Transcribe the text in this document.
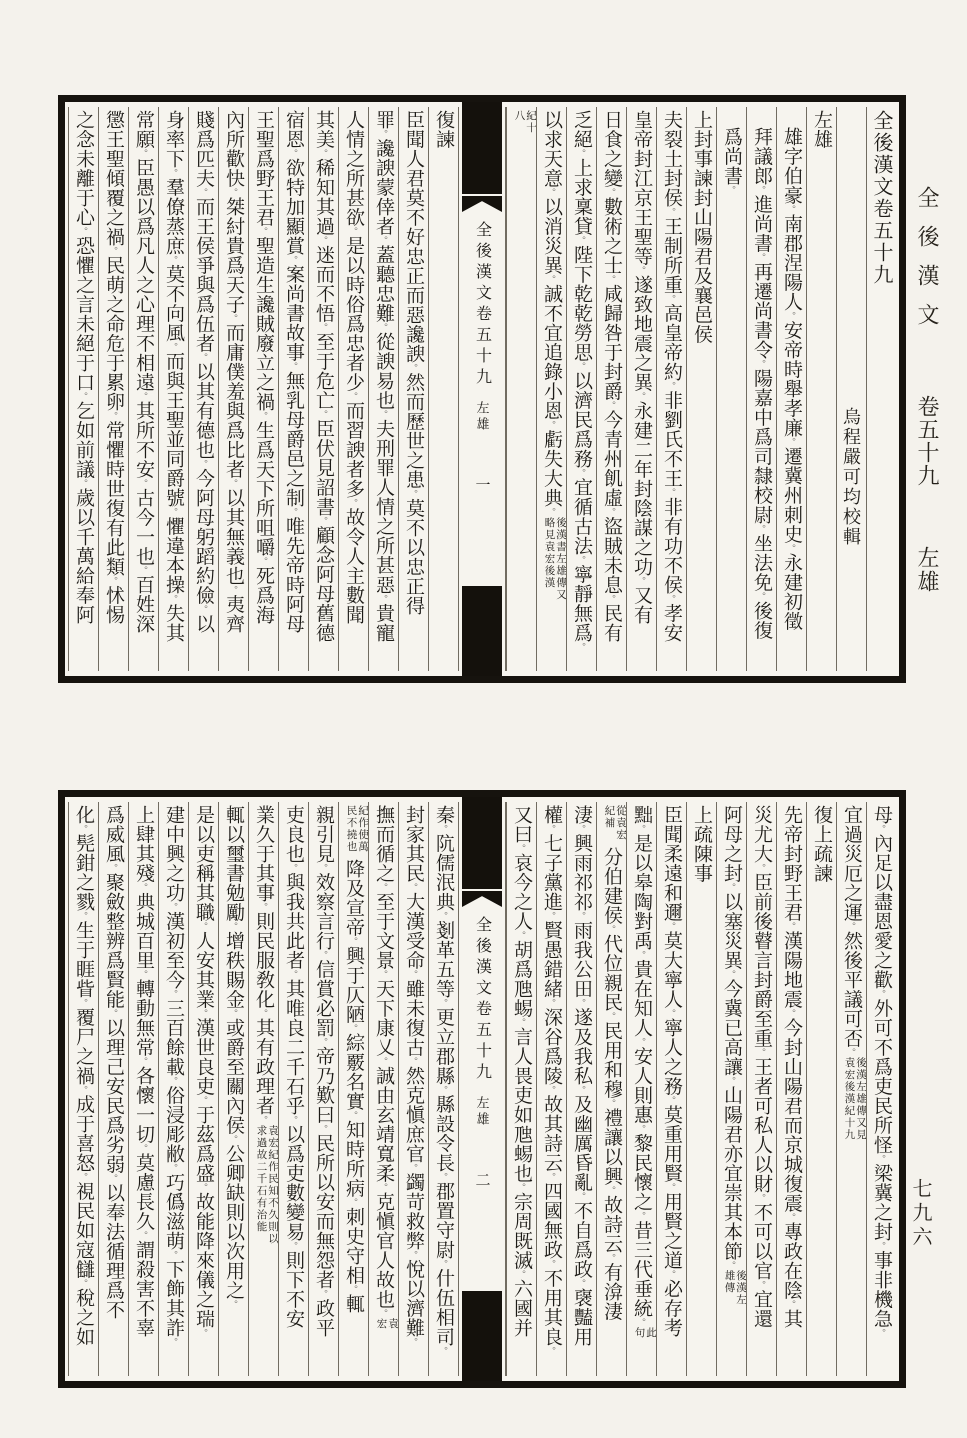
全後漢文卷五十九
烏程嚴可均校輯
左雄
雄字伯豪。南郡涅陽人。安帝時舉孝廉。遷冀州刺史。永建初徵
拜議郎。進尚書。再遷尚書令。陽嘉中爲司隸校尉。坐法免。後復
爲尚書。
上封事諫封山陽君及襄邑侯
夫裂土封侯。王制所重。高皇帝約。非劉氏不王。非有功不侯。孝安
皇帝封江京王聖等。遂致地震之異。永建二年封陰謀之功。又有
日食之變。數術之士。咸歸咎于封爵。今青州飢虛。盜賊未息。民有
乏絕。上求稟貸。陛下乾乾勞思。以濟民爲務。宜循古法。寧靜無爲。
以求天意。以消災異。誠不宜追錄小恩。虧失大典。後漢書左雄傳又略見袁宏後漢
紀十八
全後漢文卷五十九
左雄
一
復諫
臣聞人君莫不好忠正而惡讒諛。然而歷世之患。莫不以忠正得
罪。讒諛蒙倖者。蓋聽忠難。從諛易也。夫刑罪人情之所甚惡。貴寵
人情之所甚欲。是以時俗爲忠者少。而習諛者多。故令人主數聞
其美。稀知其過。迷而不悟。至于危亡。臣伏見詔書。顧念阿母舊德
宿恩。欲特加顯賞。案尚書故事。無乳母爵邑之制。唯先帝時阿母
王聖爲野王君。聖造生讒賊廢立之禍。生爲天下所咀嚼。死爲海
內所歡快。桀紂貴爲天子。而庸僕羞與爲比者。以其無義也。夷齊
賤爲匹夫。而王侯爭與爲伍者。以其有德也。今阿母躬蹈約儉。以
身率下。羣僚蒸庶。莫不向風。而與王聖並同爵號。懼違本操。失其
常願。臣愚以爲凡人之心理不相遠。其所不安。古今一也。百姓深
懲王聖傾覆之禍。民萌之命危于累卵。常懼時世復有此類。怵惕
之念未離于心。恐懼之言未絕于口。乞如前議。歲以千萬給奉阿
母。內足以盡恩愛之歡。外可不爲吏民所怪。梁冀之封。事非機急。
宜過災厄之運。然後平議可否。後漢左雄傳又見袁宏後漢紀十九
復上疏諫
先帝封野王君。漢陽地震。今封山陽君而京城復震。專政在陰。其
災尤大。臣前後瞽言封爵至重。王者可私人以財。不可以官。宜還
阿母之封。以塞災異。今冀已高讓。山陽君亦宜崇其本節。後漢左雄傳
上疏陳事
臣聞柔遠和邇。莫大寧人。寧人之務。莫重用賢。用賢之道。必存考
黜。是以皋陶對禹。貴在知人。安人則惠。黎民懷之。昔三代垂統。此句
從袁宏紀補分伯建侯。代位親民。民用和穆。禮讓以興。故詩云。有渰淒
淒。興雨祁祁。雨我公田。遂及我私。及幽厲昏亂。不自爲政。襃豔用
權。七子黨進。賢愚錯緒。深谷爲陵。故其詩云。四國無政。不用其良。
又曰。哀今之人。胡爲虺蜴。言人畏吏如虺蜴也。宗周既滅。六國并
全後漢文卷五十九
左雄
二
秦。阬儒泯典。剗革五等。更立郡縣。縣設令長。郡置守尉。什伍相司。
封家其民。大漢受命。雖未復古。然克愼庶官。蠲苛救弊。悅以濟難。
撫而循之。至于文景。天下康乂。誠由玄靖寬柔。克愼官人故也。袁宏
紀作使萬民不撓也降及宣帝。興于仄陋。綜覈名實。知時所病。刺史守相。輒
親引見。效察言行。信賞必罰。帝乃歎曰。民所以安而無怨者。政平
吏良也。與我共此者。其唯良二千石乎。以爲吏數變易。則下不安
業久于其事。則民服敎化。其有政理者。袁宏紀作民知不久則以求過故二千石有治能
輒以璽書勉勵。增秩賜金。或爵至關內侯。公卿缺則以次用之。
是以吏稱其職。人安其業。漢世良吏。于茲爲盛。故能降來儀之瑞。
建中興之功。漢初至今。三百餘載。俗浸彫敝。巧僞滋萌。下飾其詐。
上肆其殘。典城百里。轉動無常。各懷一切。莫慮長久。謂殺害不辜
爲威風。聚斂整辨爲賢能。以理己安民爲劣弱。以奉法循理爲不
化。髡鉗之戮。生于睚眥。覆尸之禍。成于喜怒。視民如寇讎。稅之如
全後漢文 卷五十九 左雄
七九六
